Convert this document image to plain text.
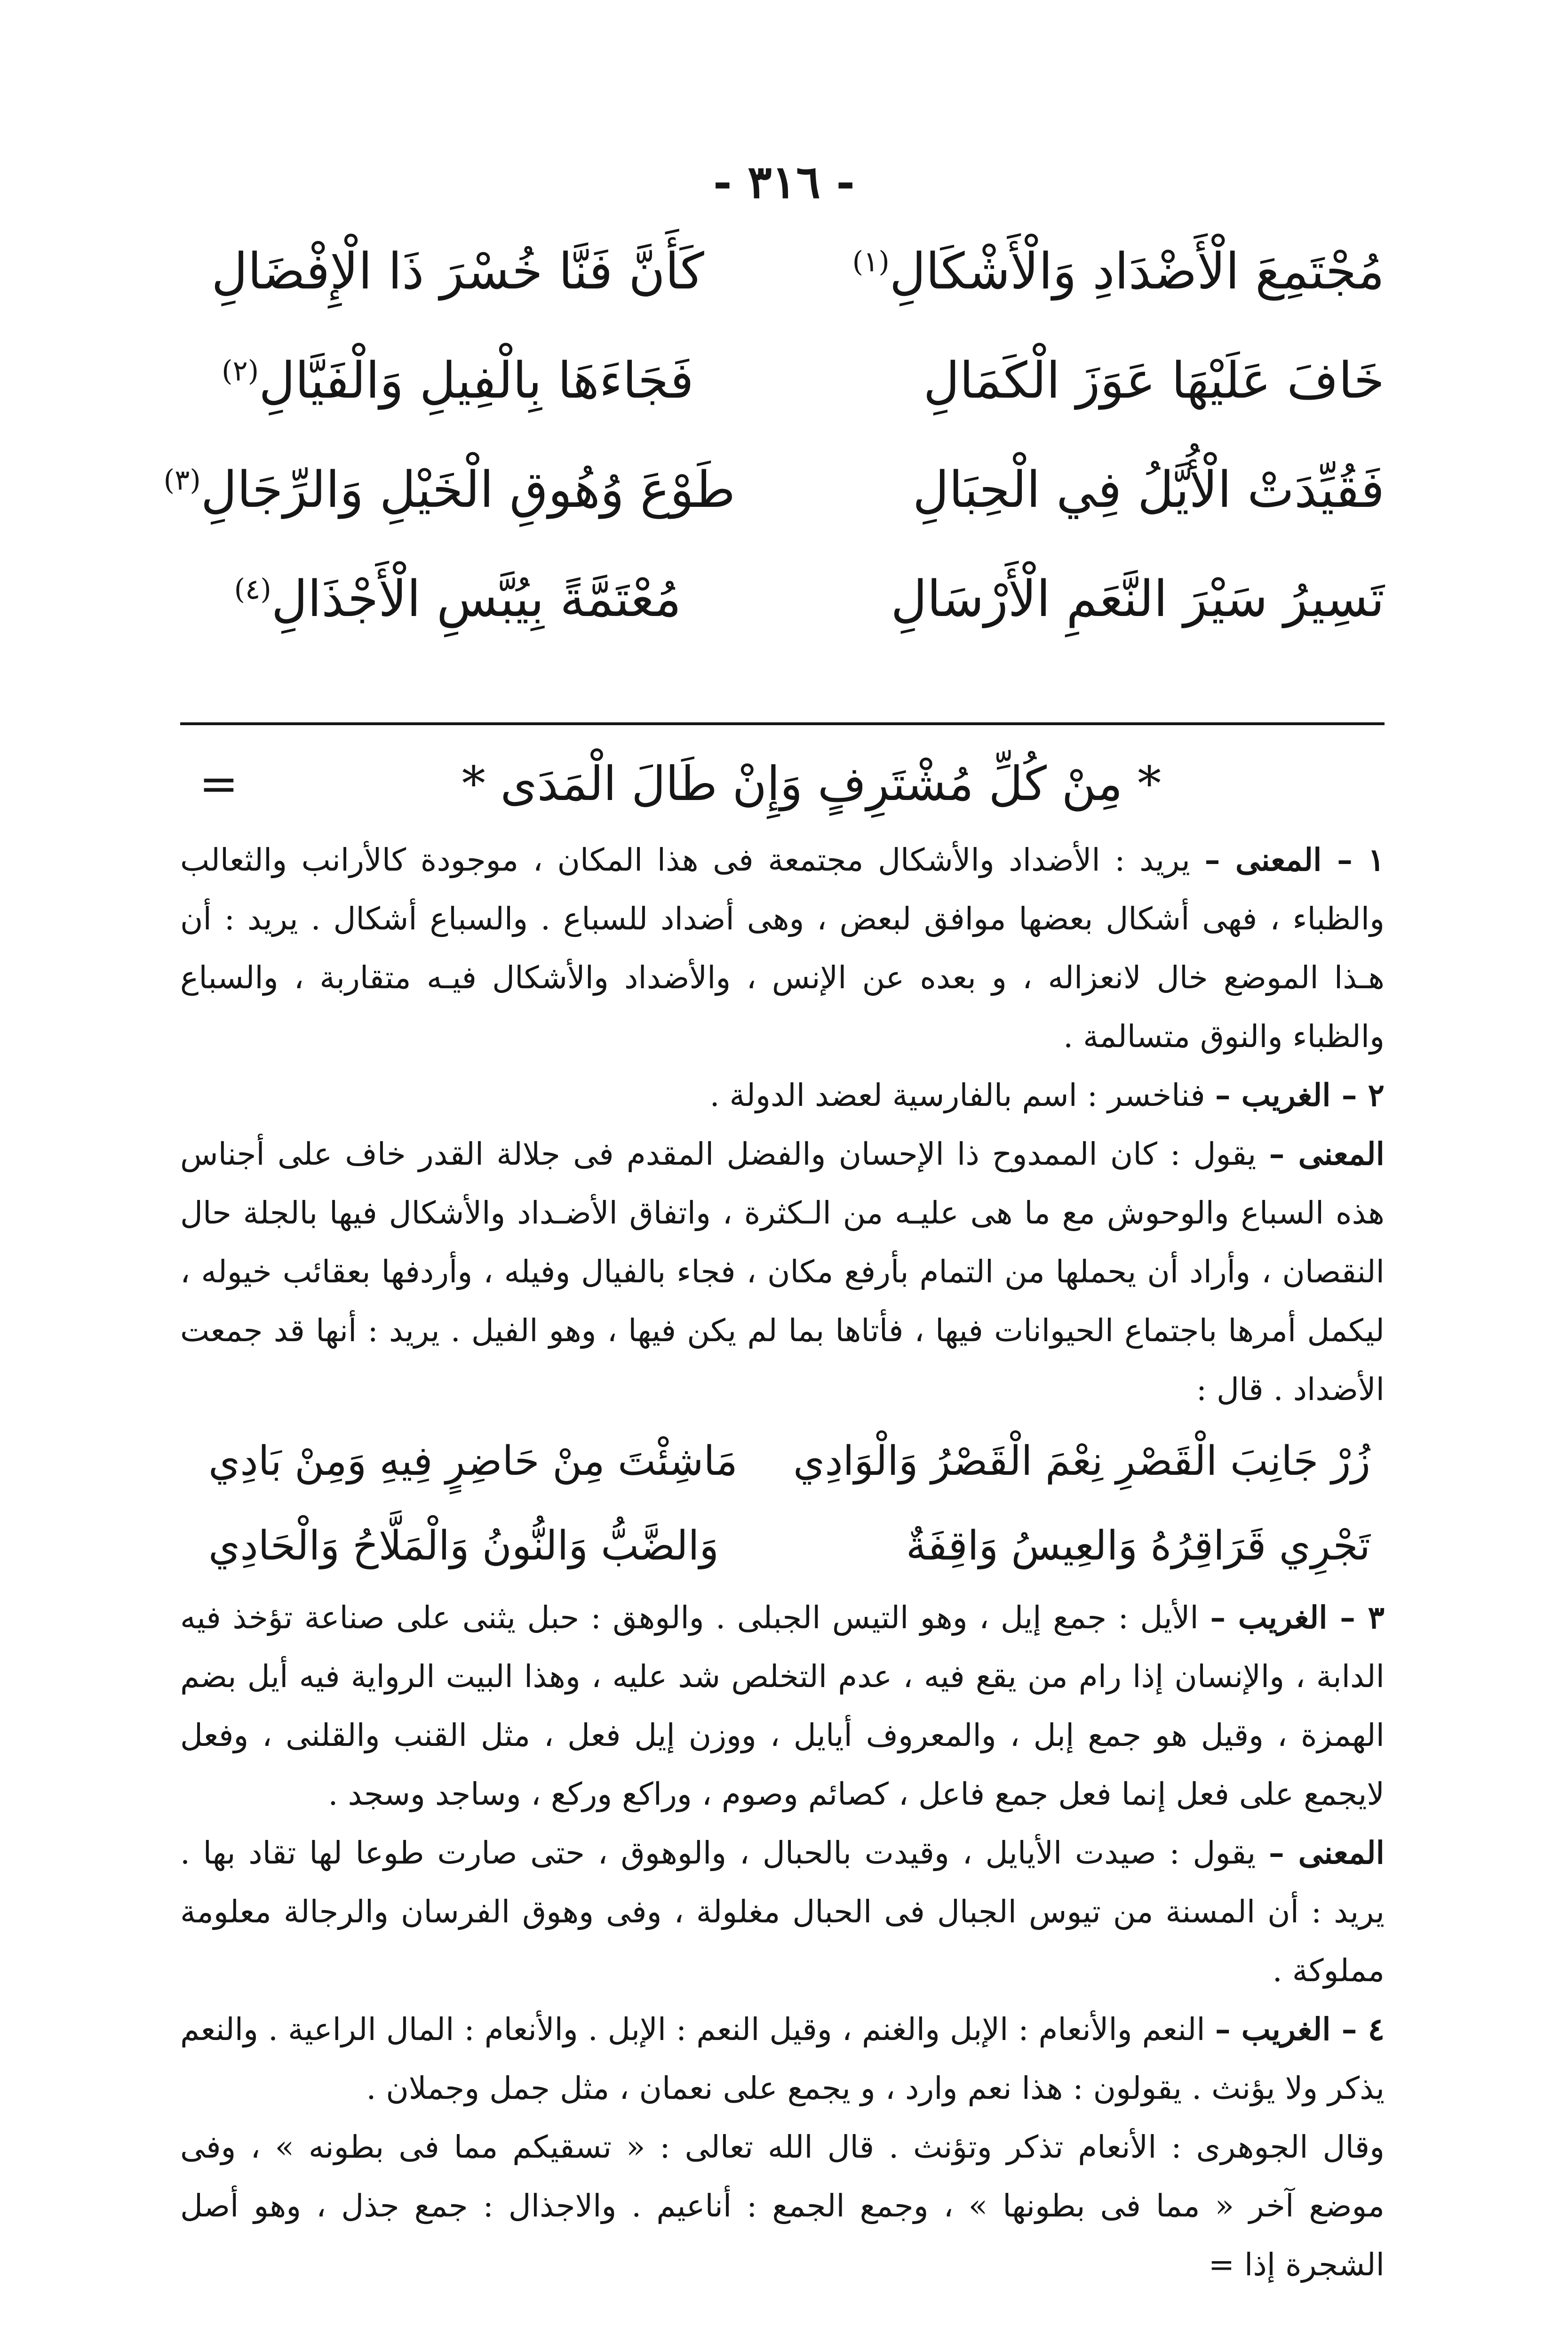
- ٣١٦ -
مُجْتَمِعَ الْأَضْدَادِ وَالْأَشْكَالِ$^{(١)}$
كَأَنَّ فَنَّا خُسْرَ ذَا الْإِفْضَالِ
خَافَ عَلَيْهَا عَوَزَ الْكَمَالِ
فَجَاءَهَا بِالْفِيلِ وَالْفَيَّالِ$^{(٢)}$
فَقُيِّدَتْ الْأُيَّلُ فِي الْحِبَالِ
طَوْعَ وُهُوقِ الْخَيْلِ وَالرِّجَالِ$^{(٣)}$
تَسِيرُ سَيْرَ النَّعَمِ الْأَرْسَالِ
مُعْتَمَّةً بِيُبَّسِ الْأَجْذَالِ$^{(٤)}$
* مِنْ كُلِّ مُشْتَرِفٍ وَإِنْ طَالَ الْمَدَى *
=

١ – المعنى – يريد : الأضداد والأشكال مجتمعة فى هذا المكان ، موجودة كالأرانب والثعالب والظباء ، فهى أشكال بعضها موافق لبعض ، وهى أضداد للسباع . والسباع أشكال . يريد : أن هـذا الموضع خال لانعزاله ، و بعده عن الإنس ، والأضداد والأشكال فيـه متقاربة ، والسباع والظباء والنوق متسالمة .

٢ – الغريب – فناخسر : اسم بالفارسية لعضد الدولة .

المعنى – يقول : كان الممدوح ذا الإحسان والفضل المقدم فى جلالة القدر خاف على أجناس هذه السباع والوحوش مع ما هى عليـه من الـكثرة ، واتفاق الأضـداد والأشكال فيها بالجلة حال النقصان ، وأراد أن يحملها من التمام بأرفع مكان ، فجاء بالفيال وفيله ، وأردفها بعقائب خيوله ، ليكمل أمرها باجتماع الحيوانات فيها ، فأتاها بما لم يكن فيها ، وهو الفيل . يريد : أنها قد جمعت الأضداد . قال :

زُرْ جَانِبَ الْقَصْرِ نِعْمَ الْقَصْرُ وَالْوَادِي
مَاشِئْتَ مِنْ حَاضِرٍ فِيهِ وَمِنْ بَادِي
تَجْرِي قَرَاقِرُهُ وَالعِيسُ وَاقِفَةٌ
وَالضَّبُّ وَالنُّونُ وَالْمَلَّاحُ وَالْحَادِي

٣ – الغريب – الأيل : جمع إيل ، وهو التيس الجبلى . والوهق : حبل يثنى على صناعة تؤخذ فيه الدابة ، والإنسان إذا رام من يقع فيه ، عدم التخلص شد عليه ، وهذا البيت الرواية فيه أيل بضم الهمزة ، وقيل هو جمع إبل ، والمعروف أيايل ، ووزن إيل فعل ، مثل القنب والقلنى ، وفعل لايجمع على فعل إنما فعل جمع فاعل ، كصائم وصوم ، وراكع وركع ، وساجد وسجد .

المعنى – يقول : صيدت الأيايل ، وقيدت بالحبال ، والوهوق ، حتى صارت طوعا لها تقاد بها . يريد : أن المسنة من تيوس الجبال فى الحبال مغلولة ، وفى وهوق الفرسان والرجالة معلومة مملوكة .

٤ – الغريب – النعم والأنعام : الإبل والغنم ، وقيل النعم : الإبل . والأنعام : المال الراعية . والنعم يذكر ولا يؤنث . يقولون : هذا نعم وارد ، و يجمع على نعمان ، مثل جمل وجملان .

وقال الجوهرى : الأنعام تذكر وتؤنث . قال الله تعالى : « تسقيكم مما فى بطونه » ، وفى موضع آخر « مما فى بطونها » ، وجمع الجمع : أناعيم . والاجذال : جمع جذل ، وهو أصل الشجرة إذا =
